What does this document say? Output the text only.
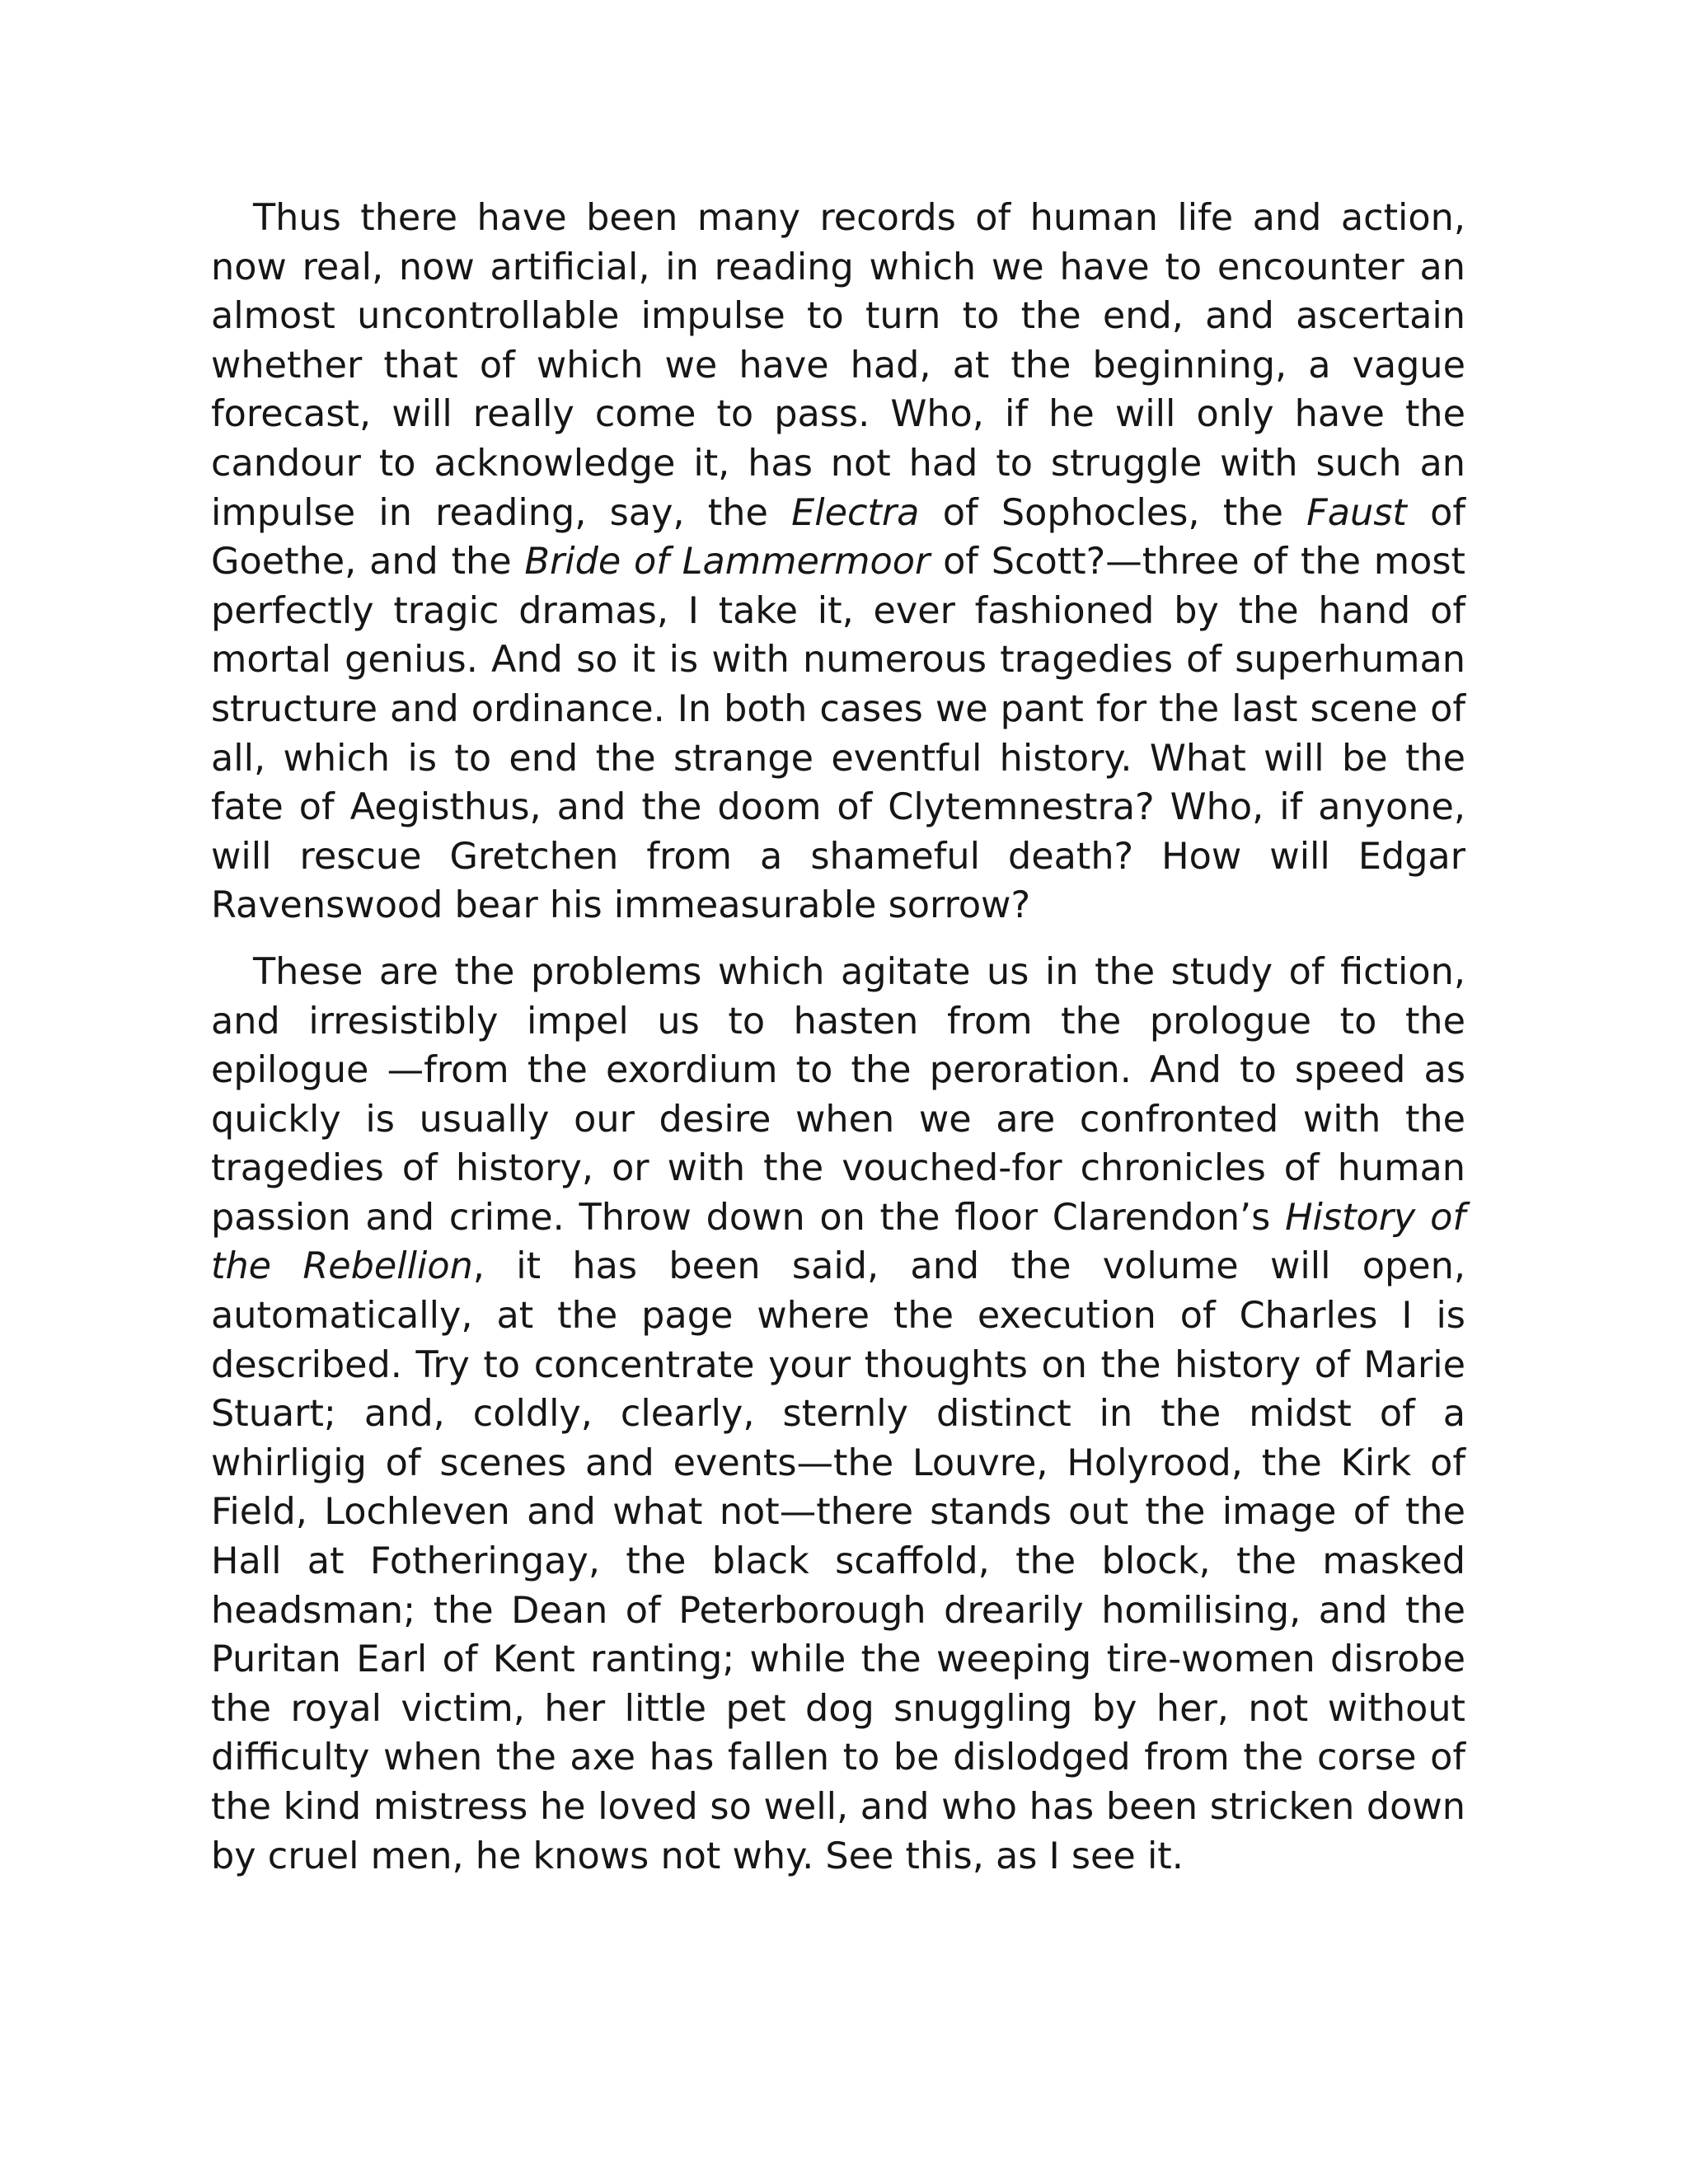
Thus there have been many records of human life and action, now real, now artificial, in reading which we have to encounter an almost uncontrollable impulse to turn to the end, and ascertain whether that of which we have had, at the beginning, a vague forecast, will really come to pass. Who, if he will only have the candour to acknowledge it, has not had to struggle with such an impulse in reading, say, the Electra of Sophocles, the Faust of Goethe, and the Bride of Lammermoor of Scott?—three of the most perfectly tragic dramas, I take it, ever fashioned by the hand of mortal genius. And so it is with numerous tragedies of superhuman structure and ordinance. In both cases we pant for the last scene of all, which is to end the strange eventful history. What will be the fate of Aegisthus, and the doom of Clytemnestra? Who, if anyone, will rescue Gretchen from a shameful death? How will Edgar Ravenswood bear his immeasurable sorrow?

These are the problems which agitate us in the study of fiction, and irresistibly impel us to hasten from the prologue to the epilogue —from the exordium to the peroration. And to speed as quickly is usually our desire when we are confronted with the tragedies of history, or with the vouched-for chronicles of human passion and crime. Throw down on the floor Clarendon’s History of the Rebellion, it has been said, and the volume will open, automatically, at the page where the execution of Charles I is described. Try to concentrate your thoughts on the history of Marie Stuart; and, coldly, clearly, sternly distinct in the midst of a whirligig of scenes and events—the Louvre, Holyrood, the Kirk of Field, Lochleven and what not—there stands out the image of the Hall at Fotheringay, the black scaffold, the block, the masked headsman; the Dean of Peterborough drearily homilising, and the Puritan Earl of Kent ranting; while the weeping tire-women disrobe the royal victim, her little pet dog snuggling by her, not without difficulty when the axe has fallen to be dislodged from the corse of the kind mistress he loved so well, and who has been stricken down by cruel men, he knows not why. See this, as I see it.
